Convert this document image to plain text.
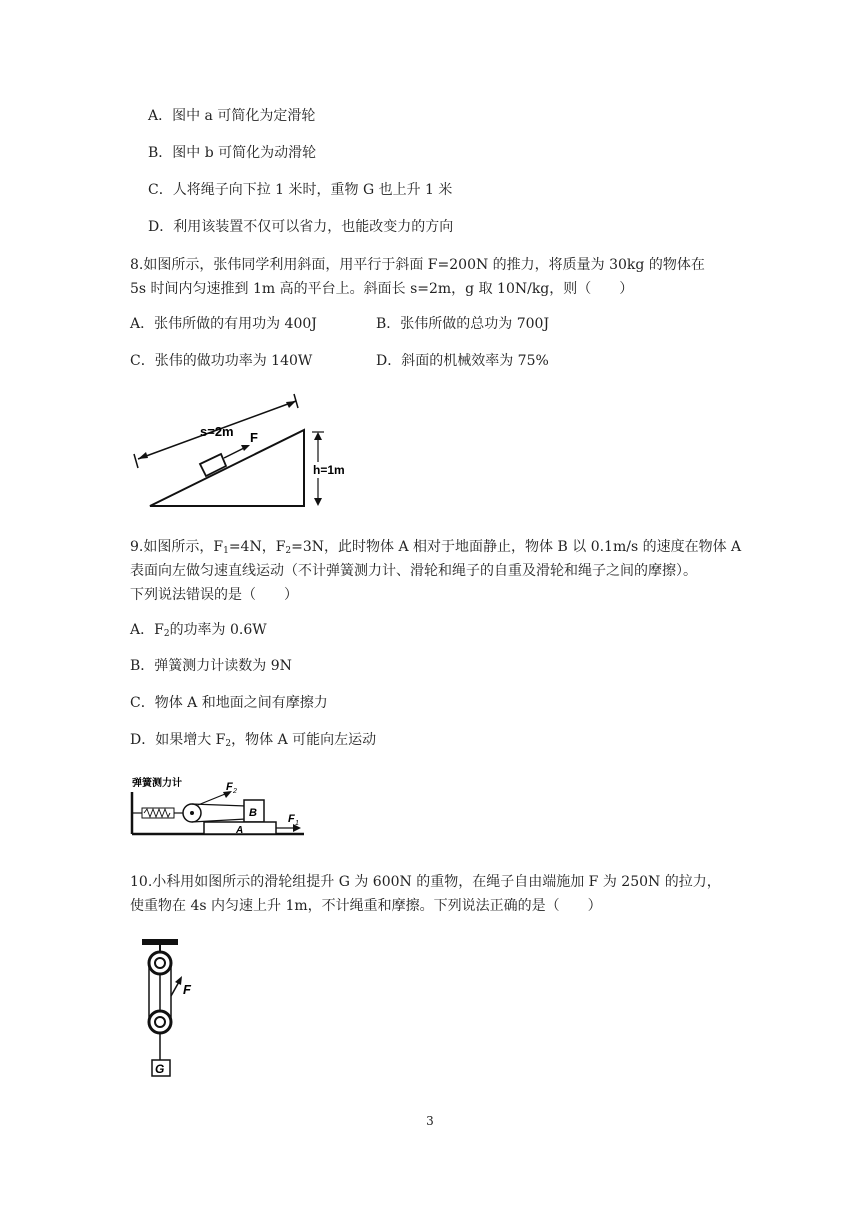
A．图中 a 可简化为定滑轮
B．图中 b 可简化为动滑轮
C．人将绳子向下拉 1 米时，重物 G 也上升 1 米
D．利用该装置不仅可以省力，也能改变力的方向
8.如图所示，张伟同学利用斜面，用平行于斜面 F=200N 的推力，将质量为 30kg 的物体在
5s 时间内匀速推到 1m 高的平台上。斜面长 s=2m，g 取 10N/kg，则（　　）
A．张伟所做的有用功为 400J	B．张伟所做的总功为 700J
C．张伟的做功功率为 140W	D．斜面的机械效率为 75%
s=2m F
h=1m
9.如图所示，$F_1=4N$，$F_2=3N$，此时物体 A 相对于地面静止，物体 B 以 0.1m/s 的速度在物体 A
表面向左做匀速直线运动（不计弹簧测力计、滑轮和绳子的自重及滑轮和绳子之间的摩擦）。
下列说法错误的是（　　）
A．$F_2$的功率为 0.6W
B．弹簧测力计读数为 9N
C．物体 A 和地面之间有摩擦力
D．如果增大 $F_2$，物体 A 可能向左运动
弹簧测力计	F 2
B
A
F 1
10.小科用如图所示的滑轮组提升 G 为 600N 的重物，在绳子自由端施加 F 为 250N 的拉力，
使重物在 4s 内匀速上升 1m，不计绳重和摩擦。下列说法正确的是（　　）
F
G
3
